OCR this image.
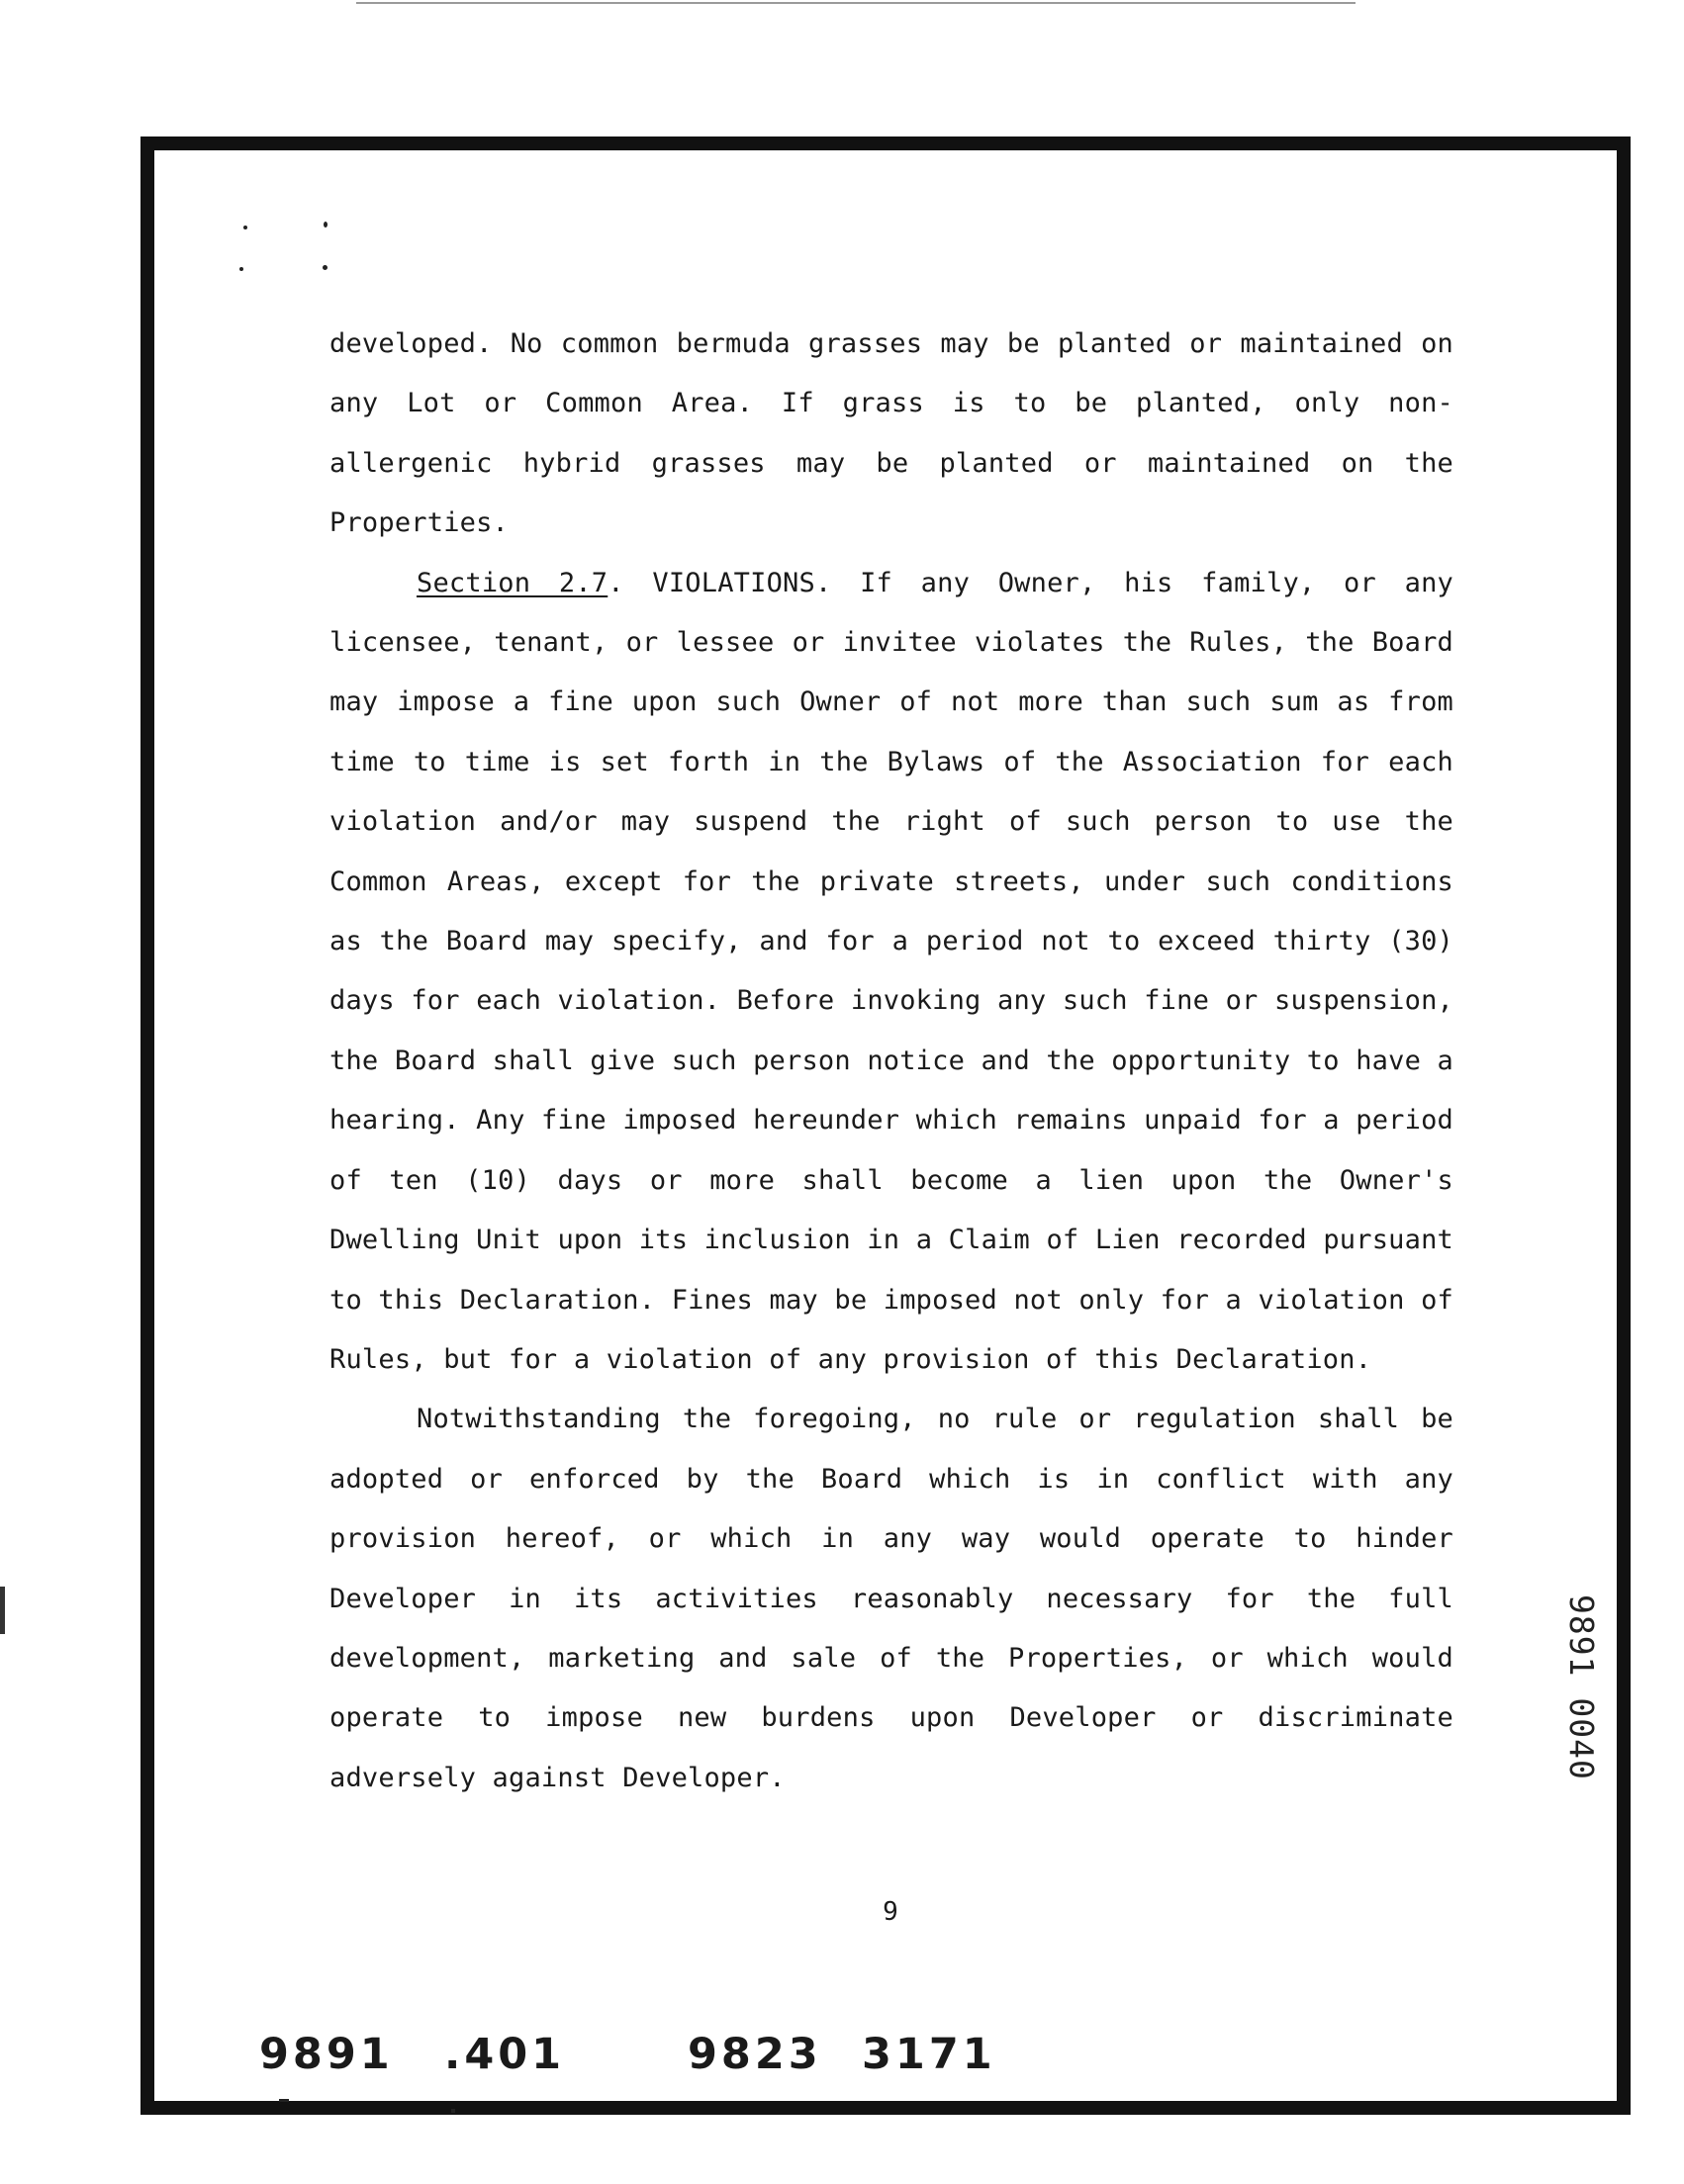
developed. No common bermuda grasses may be planted or maintained on any Lot or Common Area. If grass is to be planted, only non-allergenic hybrid grasses may be planted or maintained on the Properties.

Section 2.7. VIOLATIONS. If any Owner, his family, or any licensee, tenant, or lessee or invitee violates the Rules, the Board may impose a fine upon such Owner of not more than such sum as from time to time is set forth in the Bylaws of the Association for each violation and/or may suspend the right of such person to use the Common Areas, except for the private streets, under such conditions as the Board may specify, and for a period not to exceed thirty (30) days for each violation. Before invoking any such fine or suspension, the Board shall give such person notice and the opportunity to have a hearing. Any fine imposed hereunder which remains unpaid for a period of ten (10) days or more shall become a lien upon the Owner's Dwelling Unit upon its inclusion in a Claim of Lien recorded pursuant to this Declaration. Fines may be imposed not only for a violation of Rules, but for a violation of any provision of this Declaration.

Notwithstanding the foregoing, no rule or regulation shall be adopted or enforced by the Board which is in conflict with any provision hereof, or which in any way would operate to hinder Developer in its activities reasonably necessary for the full development, marketing and sale of the Properties, or which would operate to impose new burdens upon Developer or discriminate adversely against Developer.

9
9891 .401	9823 3171
9891 0040
